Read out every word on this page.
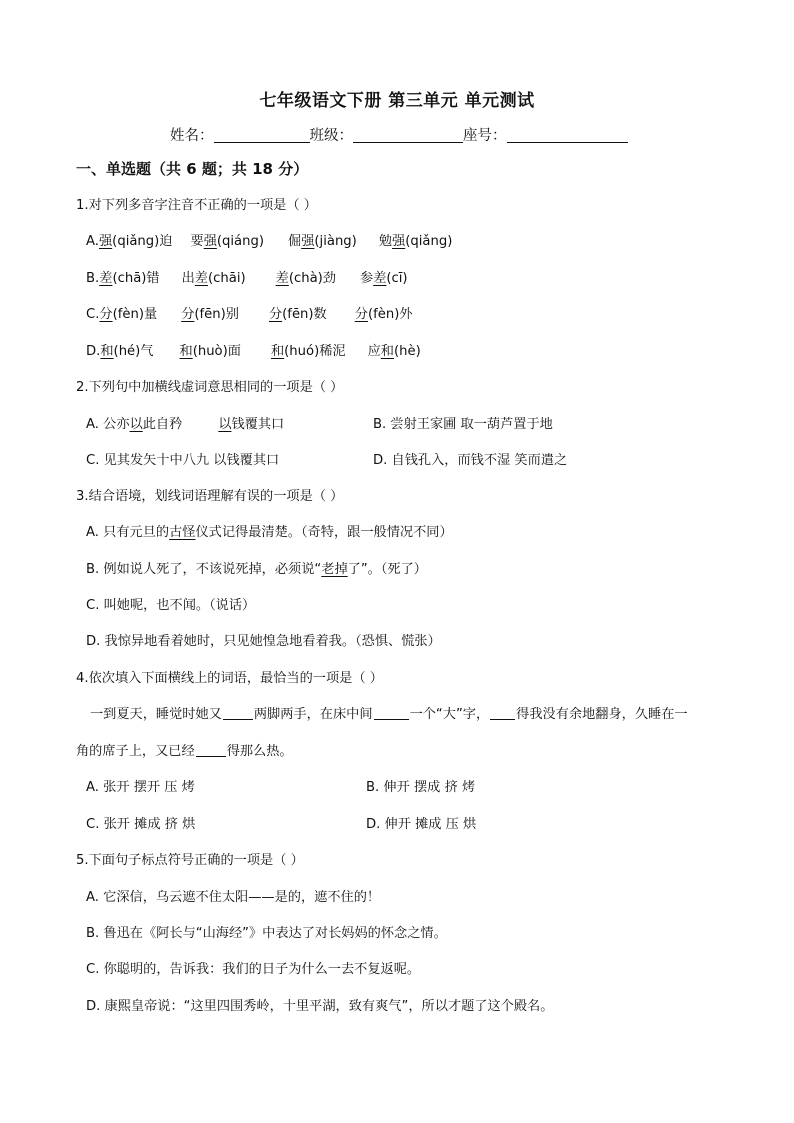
七年级语文下册 第三单元 单元测试
姓名：	班级：	座号：
一、单选题（共 6 题；共 18 分）
1.对下列多音字注音不正确的一项是（ ）
A.强(qiǎng)迫 要强(qiáng) 倔强(jiàng) 勉强(qiǎng)
B.差(chā)错 出差(chāi) 差(chà)劲 参差(cī)
C.分(fèn)量 分(fēn)别 分(fēn)数 分(fèn)外
D.和(hé)气 和(huò)面 和(huó)稀泥 应和(hè)
2.下列句中加横线虚词意思相同的一项是（ ）
A. 公亦以此自矜	以钱覆其口	B. 尝射王家圃 取一葫芦置于地
C. 见其发矢十中八九 以钱覆其口	D. 自钱孔入，而钱不湿 笑而遣之
3.结合语境，划线词语理解有误的一项是（ ）
A. 只有元旦的古怪仪式记得最清楚。（奇特，跟一般情况不同）
B. 例如说人死了，不该说死掉，必须说“老掉了”。（死了）
C. 叫她呢，也不闻。（说话）
D. 我惊异地看着她时，只见她惶急地看着我。（恐惧、慌张）
4.依次填入下面横线上的词语，最恰当的一项是（ ）
一到夏天，睡觉时她又 两脚两手，在床中间	一个“大”字， 得我没有余地翻身，久睡在一
角的席子上，又已经 得那么热。
A. 张开 摆开 压 烤	B. 伸开 摆成 挤 烤
C. 张开 摊成 挤 烘	D. 伸开 摊成 压 烘
5.下面句子标点符号正确的一项是（ ）
A. 它深信，乌云遮不住太阳——是的，遮不住的！
B. 鲁迅在《阿长与“山海经”》中表达了对长妈妈的怀念之情。
C. 你聪明的，告诉我：我们的日子为什么一去不复返呢。
D. 康熙皇帝说：“这里四围秀岭，十里平湖，致有爽气”，所以才题了这个殿名。
